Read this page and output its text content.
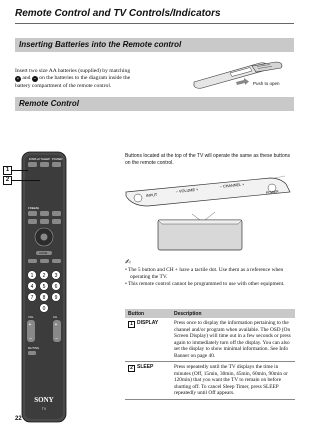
Remote Control and TV Controls/Indicators
Inserting Batteries into the Remote control
Insert two size AA batteries (supplied) by matching + and − on the batteries to the diagram inside the battery compartment of the remote control.	Push to open
Remote Control
Buttons located at the top of the TV will operate the same as these buttons on the remote control.
INPUT
– VOLUME +
– CHANNEL +
POWER
DISPLAY SLEEP POWER
FREEZE
HOME
1 2 3
4 5 6
7 8 9
0
VOL	CH
+	+
–	–
MUTING
SONY
TV
1
2
✍
• The 5 button and CH + have a tactile dot. Use them as a reference when operating the TV.
• This remote control cannot be programmed to use with other equipment.
Button	Description
1 DISPLAY	Press once to display the information pertaining to the channel and/or program when available. The OSD (On Screen Display) will time out in a few seconds or press again to immediately turn off the display. You can also set the display to show minimal information. See Info Banner on page 40.
2 SLEEP	Press repeatedly until the TV displays the time in minutes (Off, 15min, 30min, 45min, 60min, 90min or 120min) that you want the TV to remain on before shutting off. To cancel Sleep Timer, press SLEEP repeatedly until Off appears.
22
